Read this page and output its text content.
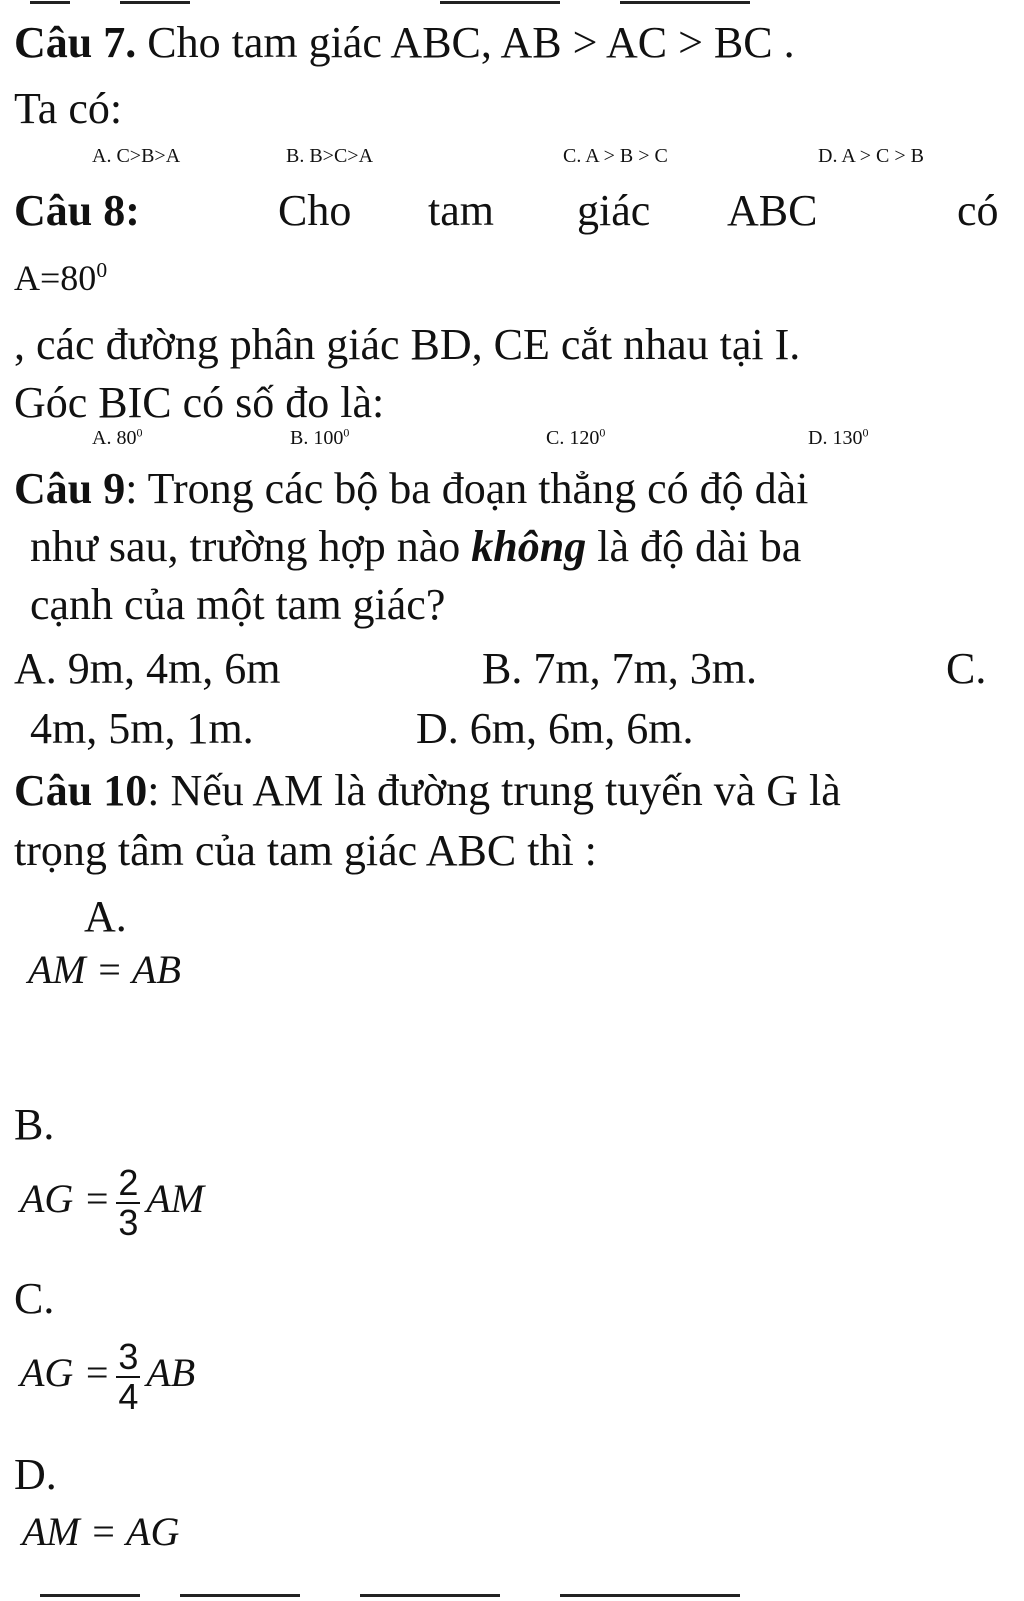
Câu 7. Cho tam giác ABC, AB > AC > BC .
Ta có:
A. C>B>A	B. B>C>A	C. A > B > C	D. A > C > B
Câu 8:	Cho tam giác ABC	có
$A=80^0$
, các đường phân giác BD, CE cắt nhau tại I.
Góc BIC có số đo là:
A. $80^0$	B. $100^0$	C. $120^0$	D. $130^0$
Câu 9: Trong các bộ ba đoạn thẳng có độ dài
như sau, trường hợp nào không là độ dài ba
cạnh của một tam giác?
A. 9m, 4m, 6m	B. 7m, 7m, 3m.	C.
4m, 5m, 1m.	D. 6m, 6m, 6m.
Câu 10: Nếu AM là đường trung tuyến và G là
trọng tâm của tam giác ABC thì :
A.
AM = AB
B.
AG = $\frac{2}{3}$ AM
C.
AG = $\frac{3}{4}$ AB
D.
AM = AG
